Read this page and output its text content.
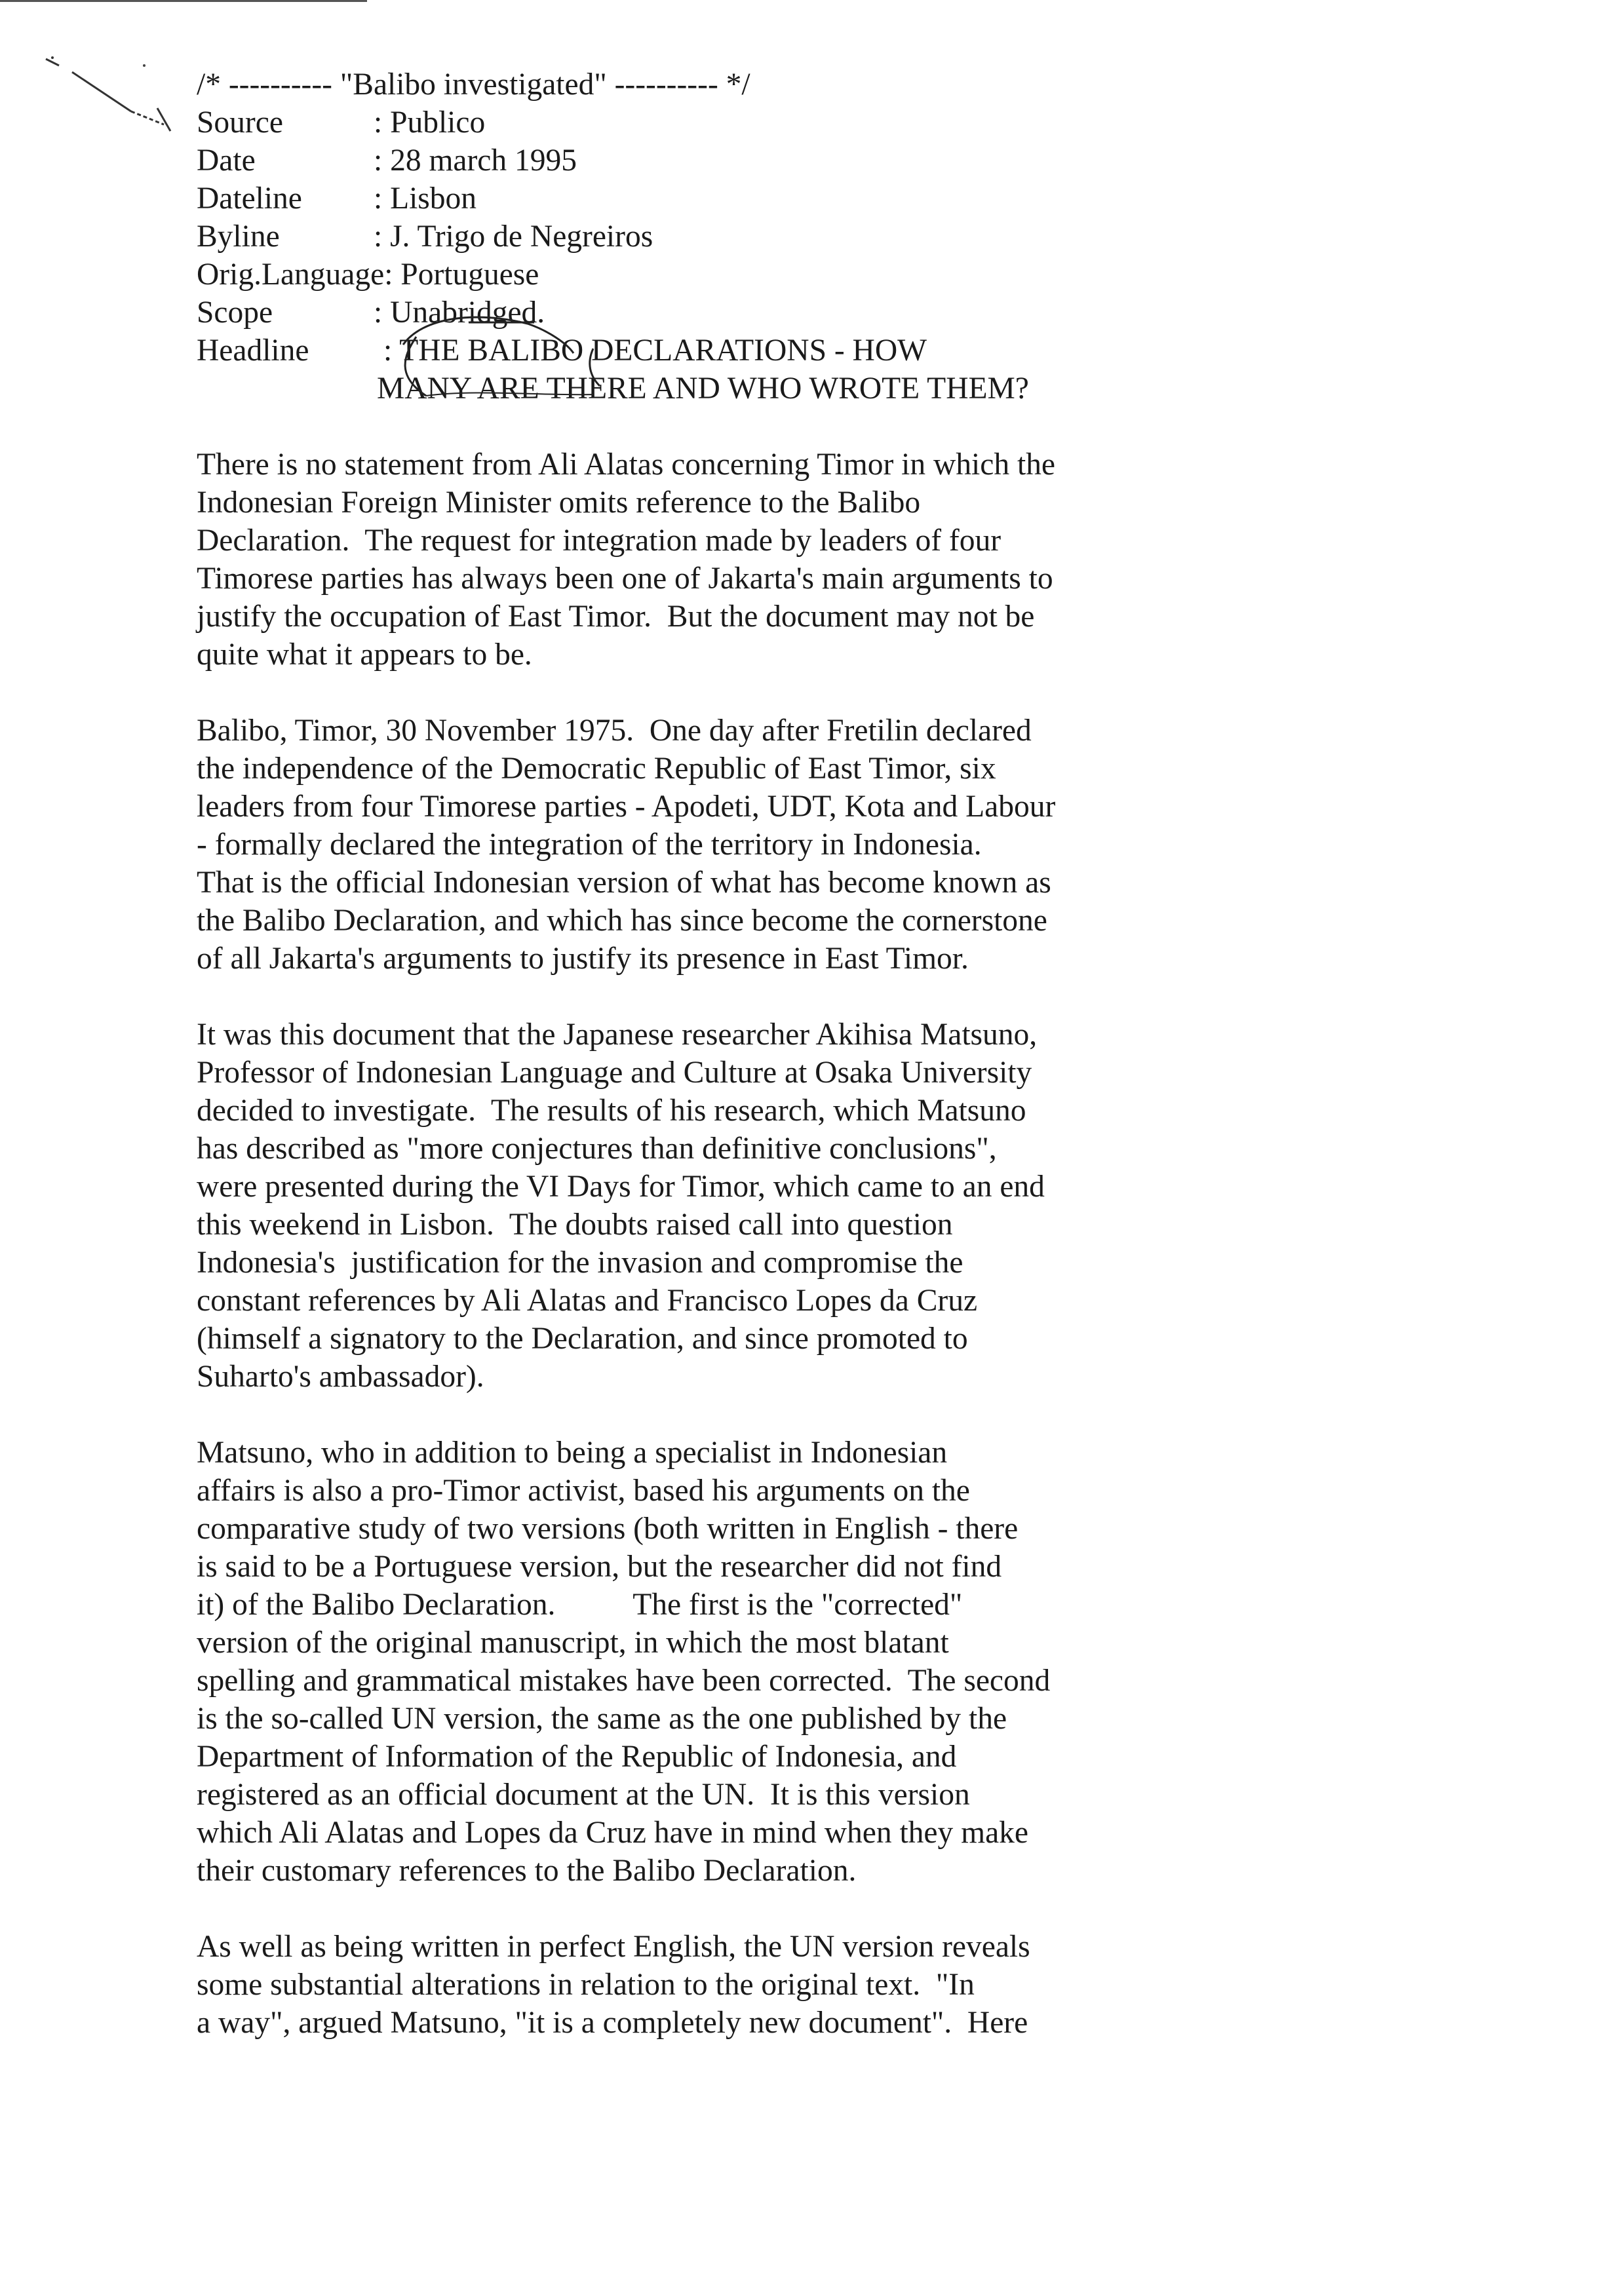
/* ---------- "Balibo investigated" ---------- */
Source	: Publico
Date	: 28 march 1995
Dateline	: Lisbon
Byline	: J. Trigo de Negreiros
Orig.Language : Portuguese
Scope	: Unabridged.
Headline	: THE BALIBO DECLARATIONS - HOW
MANY ARE THERE AND WHO WROTE THEM?
There is no statement from Ali Alatas concerning Timor in which the
Indonesian Foreign Minister omits reference to the Balibo
Declaration.  The request for integration made by leaders of four
Timorese parties has always been one of Jakarta's main arguments to
justify the occupation of East Timor.  But the document may not be
quite what it appears to be.
Balibo, Timor, 30 November 1975.  One day after Fretilin declared
the independence of the Democratic Republic of East Timor, six
leaders from four Timorese parties - Apodeti, UDT, Kota and Labour
- formally declared the integration of the territory in Indonesia.
That is the official Indonesian version of what has become known as
the Balibo Declaration, and which has since become the cornerstone
of all Jakarta's arguments to justify its presence in East Timor.
It was this document that the Japanese researcher Akihisa Matsuno,
Professor of Indonesian Language and Culture at Osaka University
decided to investigate.  The results of his research, which Matsuno
has described as "more conjectures than definitive conclusions",
were presented during the VI Days for Timor, which came to an end
this weekend in Lisbon.  The doubts raised call into question
Indonesia's  justification for the invasion and compromise the
constant references by Ali Alatas and Francisco Lopes da Cruz
(himself a signatory to the Declaration, and since promoted to
Suharto's ambassador).
Matsuno, who in addition to being a specialist in Indonesian
affairs is also a pro-Timor activist, based his arguments on the
comparative study of two versions (both written in English - there
is said to be a Portuguese version, but the researcher did not find
it) of the Balibo Declaration.          The first is the "corrected"
version of the original manuscript, in which the most blatant
spelling and grammatical mistakes have been corrected.  The second
is the so-called UN version, the same as the one published by the
Department of Information of the Republic of Indonesia, and
registered as an official document at the UN.  It is this version
which Ali Alatas and Lopes da Cruz have in mind when they make
their customary references to the Balibo Declaration.
As well as being written in perfect English, the UN version reveals
some substantial alterations in relation to the original text.  "In
a way", argued Matsuno, "it is a completely new document".  Here
